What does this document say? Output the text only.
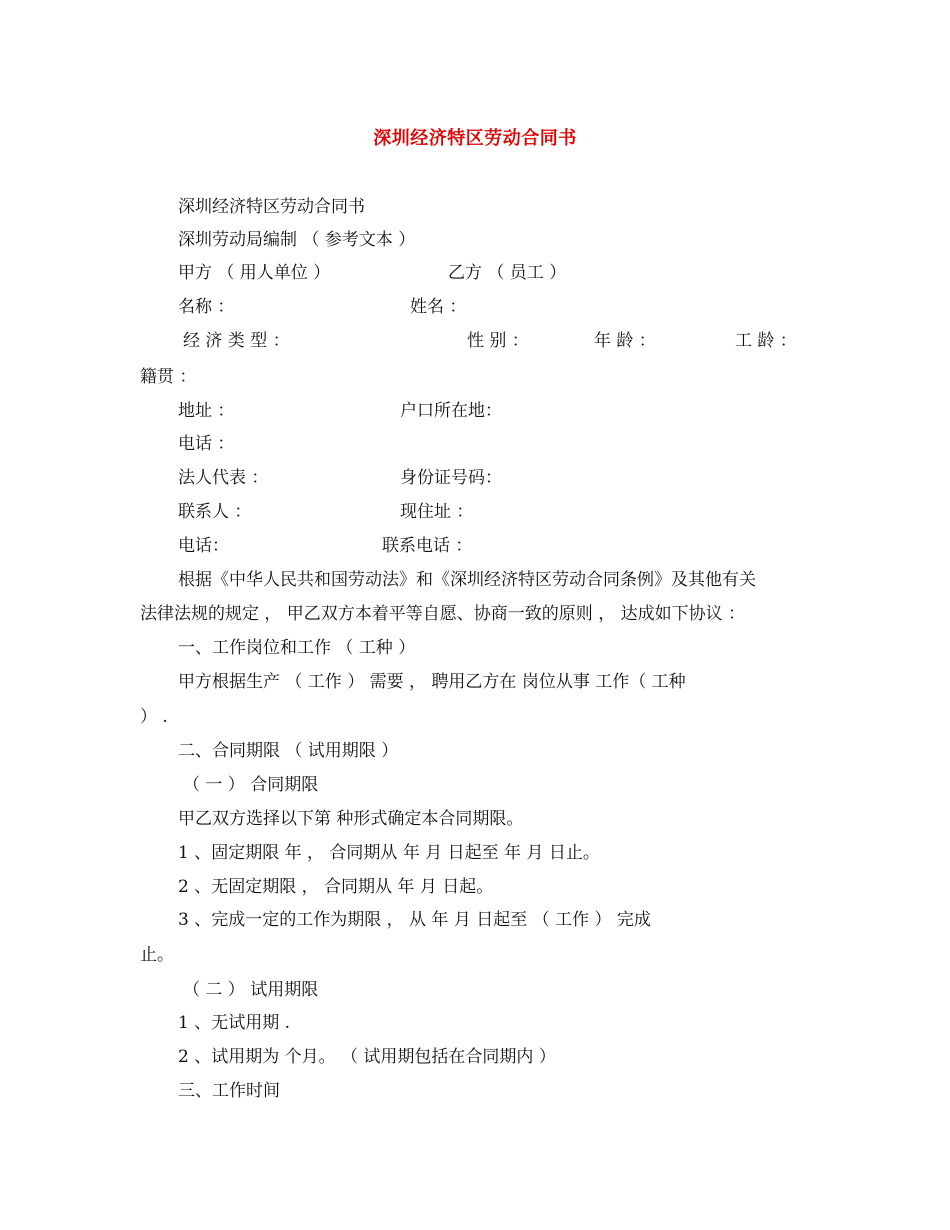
深圳经济特区劳动合同书
深圳经济特区劳动合同书
深圳劳动局编制 （ 参考文本 ）
甲方 （ 用人单位 ）	乙方 （ 员工 ）
名称 ：	姓名 ：
经 济 类 型 ：	性 别 ：	年 龄 ：	工 龄 ：
籍贯 ：
地址 ：	户口所在地：
电话 ：
法人代表 ：	身份证号码：
联系人 ：	现住址 ：
电话：	联系电话 ：
根据《中华人民共和国劳动法》和《深圳经济特区劳动合同条例》及其他有关
法律法规的规定 ， 甲乙双方本着平等自愿、协商一致的原则 ， 达成如下协议 ：
一、工作岗位和工作 （ 工种 ）
甲方根据生产 （ 工作 ） 需要 ， 聘用乙方在 岗位从事 工作（ 工种
） .
二、合同期限 （ 试用期限 ）
（ 一 ） 合同期限
甲乙双方选择以下第 种形式确定本合同期限。
1 、固定期限 年 ， 合同期从 年 月 日起至 年 月 日止。
2 、无固定期限 ， 合同期从 年 月 日起。
3 、完成一定的工作为期限 ， 从 年 月 日起至 （ 工作 ） 完成
止。
（ 二 ） 试用期限
1 、无试用期 .
2 、试用期为 个月。 （ 试用期包括在合同期内 ）
三、工作时间
